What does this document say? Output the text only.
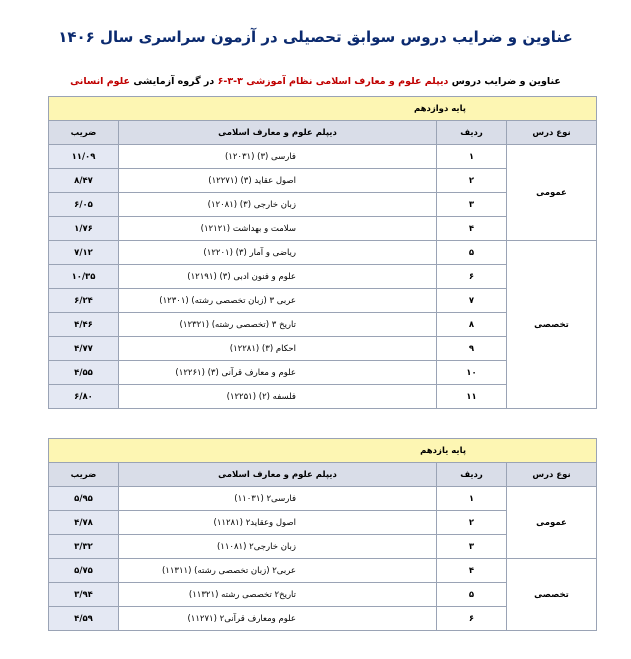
عناوین و ضرایب دروس سوابق تحصیلی در آزمون سراسری سال ۱۴۰۶
عناوین و ضرایب دروس دیپلم علوم و معارف اسلامی نظام آموزشی ۳-۳-۶ در گروه آزمایشی علوم انسانی
پایه دوازدهم			
نوع درس	ردیف	دیپلم علوم و معارف اسلامی	ضریب
عمومی	۱	فارسی (۳) (۱۲۰۳۱)	۱۱/۰۹
	۲	اصول عقاید (۳) (۱۲۲۷۱)	۸/۴۷
	۳	زبان خارجی (۳) (۱۲۰۸۱)	۶/۰۵
	۴	سلامت و بهداشت (۱۲۱۲۱)	۱/۷۶
تخصصی	۵	ریاضی و آمار (۳) (۱۲۲۰۱)	۷/۱۲
	۶	علوم و فنون ادبی (۳) (۱۲۱۹۱)	۱۰/۳۵
	۷	عربی ۳ (زبان تخصصی رشته) (۱۲۳۰۱)	۶/۲۴
	۸	تاریخ ۳ (تخصصی رشته) (۱۲۳۲۱)	۴/۴۶
	۹	احکام (۳) (۱۲۲۸۱)	۴/۷۷
	۱۰	علوم و معارف قرآنی (۳) (۱۲۲۶۱)	۴/۵۵
	۱۱	فلسفه (۲) (۱۲۲۵۱)	۶/۸۰
پایه یازدهم			
نوع درس	ردیف	دیپلم علوم و معارف اسلامی	ضریب
عمومی	۱	فارسی۲ (۱۱۰۳۱)	۵/۹۵
	۲	اصول وعقاید۲ (۱۱۲۸۱)	۴/۷۸
	۳	زبان خارجی۲ (۱۱۰۸۱)	۳/۳۲
تخصصی	۴	عربی۲ (زبان تخصصی رشته) (۱۱۳۱۱)	۵/۷۵
	۵	تاریخ۲ تخصصی رشته (۱۱۳۲۱)	۳/۹۴
	۶	علوم ومعارف قرآنی۲ (۱۱۲۷۱)	۴/۵۹
